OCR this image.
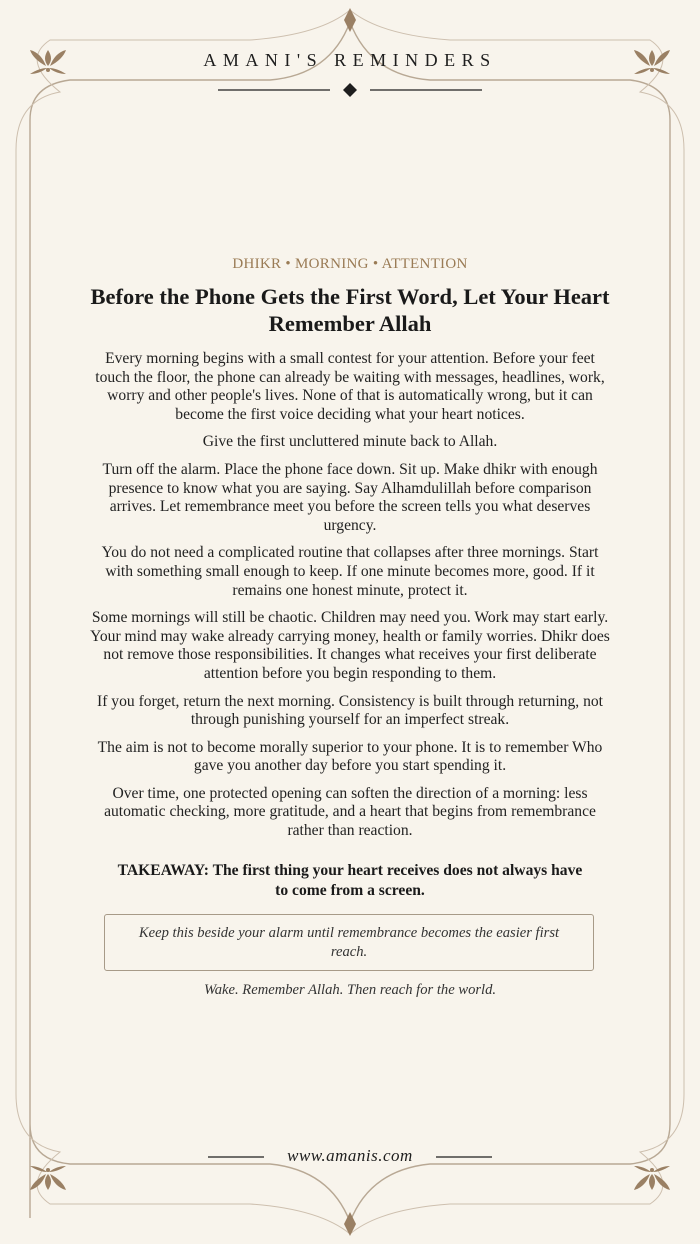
AMANI'S REMINDERS
DHIKR • MORNING • ATTENTION
Before the Phone Gets the First Word, Let Your Heart Remember Allah

Every morning begins with a small contest for your attention. Before your feet touch the floor, the phone can already be waiting with messages, headlines, work, worry and other people's lives. None of that is automatically wrong, but it can become the first voice deciding what your heart notices.

Give the first uncluttered minute back to Allah.

Turn off the alarm. Place the phone face down. Sit up. Make dhikr with enough presence to know what you are saying. Say Alhamdulillah before comparison arrives. Let remembrance meet you before the screen tells you what deserves urgency.

You do not need a complicated routine that collapses after three mornings. Start with something small enough to keep. If one minute becomes more, good. If it remains one honest minute, protect it.

Some mornings will still be chaotic. Children may need you. Work may start early. Your mind may wake already carrying money, health or family worries. Dhikr does not remove those responsibilities. It changes what receives your first deliberate attention before you begin responding to them.

If you forget, return the next morning. Consistency is built through returning, not through punishing yourself for an imperfect streak.

The aim is not to become morally superior to your phone. It is to remember Who gave you another day before you start spending it.

Over time, one protected opening can soften the direction of a morning: less automatic checking, more gratitude, and a heart that begins from remembrance rather than reaction.

TAKEAWAY: The first thing your heart receives does not always have to come from a screen.
Keep this beside your alarm until remembrance becomes the easier first reach.
Wake. Remember Allah. Then reach for the world.
www.amanis.com
